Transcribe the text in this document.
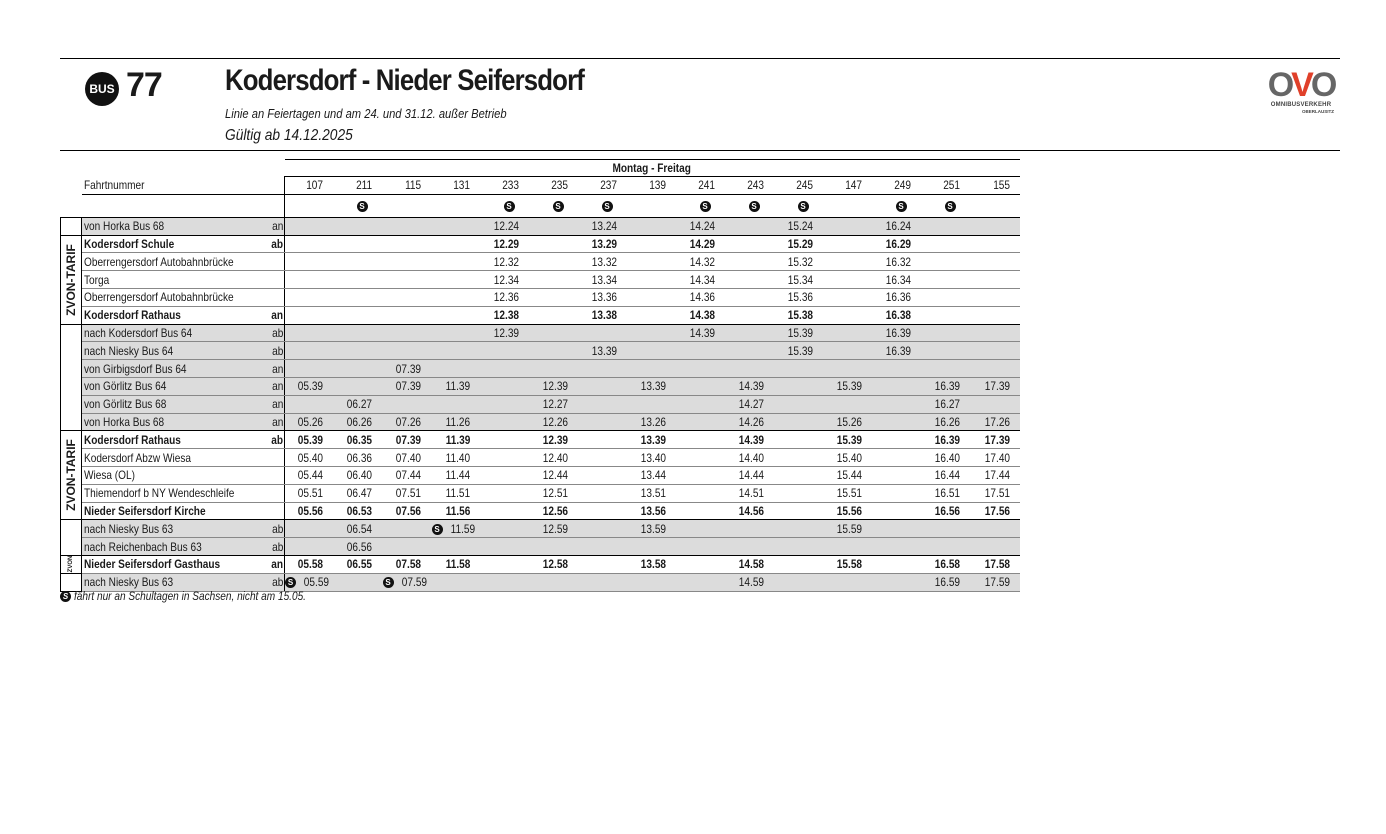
BUS 77 Kodersdorf - Nieder Seifersdorf
Linie an Feiertagen und am 24. und 31.12. außer Betrieb
Gültig ab 14.12.2025
OVO
OMNIBUSVERKEHR
OBERLAUSITZ
			Montag - Freitag														
	Fahrtnummer		107	211	115	131	233	235	237	139	241	243	245	147	249	251	155
				S			S	S	S		S	S	S		S	S	
	von Horka Bus 68	an					12.24		13.24		14.24		15.24		16.24		

ZVON-TARIF	Kodersdorf Schule	ab					12.29		13.29		14.29		15.29		16.29		
	Oberrengersdorf Autobahnbrücke						12.32		13.32		14.32		15.32		16.32		
	Torga						12.34		13.34		14.34		15.34		16.34		
	Oberrengersdorf Autobahnbrücke						12.36		13.36		14.36		15.36		16.36		
	Kodersdorf Rathaus	an					12.38		13.38		14.38		15.38		16.38		
	nach Kodersdorf Bus 64	ab					12.39				14.39		15.39		16.39		
	nach Niesky Bus 64	ab							13.39				15.39		16.39		
	von Girbigsdorf Bus 64	an			07.39												
	von Görlitz Bus 64	an	05.39		07.39	11.39		12.39		13.39		14.39		15.39		16.39	17.39
	von Görlitz Bus 68	an		06.27				12.27				14.27				16.27	
	von Horka Bus 68	an	05.26	06.26	07.26	11.26		12.26		13.26		14.26		15.26		16.26	17.26

ZVON-TARIF	Kodersdorf Rathaus	ab	05.39	06.35	07.39	11.39		12.39		13.39		14.39		15.39		16.39	17.39
	Kodersdorf Abzw Wiesa		05.40	06.36	07.40	11.40		12.40		13.40		14.40		15.40		16.40	17.40
	Wiesa (OL)		05.44	06.40	07.44	11.44		12.44		13.44		14.44		15.44		16.44	17.44
	Thiemendorf b NY Wendeschleife		05.51	06.47	07.51	11.51		12.51		13.51		14.51		15.51		16.51	17.51
	Nieder Seifersdorf Kirche		05.56	06.53	07.56	11.56		12.56		13.56		14.56		15.56		16.56	17.56
	nach Niesky Bus 63	ab		06.54		S 11.59		12.59		13.59				15.59			
	nach Reichenbach Bus 63	ab		06.56													

ZVON	Nieder Seifersdorf Gasthaus	an	05.58	06.55	07.58	11.58		12.58		13.58		14.58		15.58		16.58	17.58
	nach Niesky Bus 63	ab	S 05.59		S 07.59							14.59				16.59	17.59
S fährt nur an Schultagen in Sachsen, nicht am 15.05.
